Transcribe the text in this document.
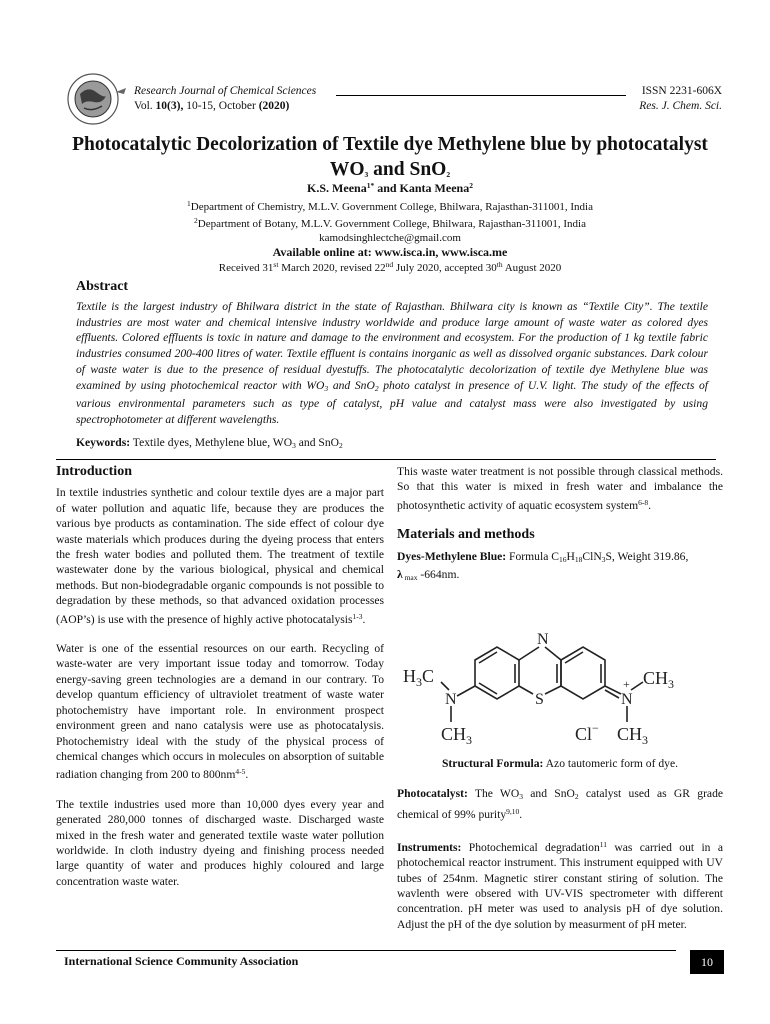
Research Journal of Chemical Sciences
Vol. 10(3), 10-15, October (2020)
ISSN 2231-606X
Res. J. Chem. Sci.
Photocatalytic Decolorization of Textile dye Methylene blue by photocatalyst
$WO_3$ and SnO$_2$
K.S. Meena$^{1*}$ and Kanta Meena$^2$
$^1$Department of Chemistry, M.L.V. Government College, Bhilwara, Rajasthan-311001, India
$^2$Department of Botany, M.L.V. Government College, Bhilwara, Rajasthan-311001, India
kamodsinghlectche@gmail.com
Available online at: www.isca.in, www.isca.me
Received 31st March 2020, revised 22nd July 2020, accepted 30th August 2020
Abstract
Textile is the largest industry of Bhilwara district in the state of Rajasthan. Bhilwara city is known as “Textile City”. The textile industries are most water and chemical intensive industry worldwide and produce large amount of waste water as colored dyes effluents. Colored effluents is toxic in nature and damage to the environment and ecosystem. For the production of 1 kg textile fabric industries consumed 200-400 litres of water. Textile effluent is contains inorganic as well as dissolved organic substances. Dark colour of waste water is due to the presence of residual dyestuffs. The photocatalytic decolorization of textile dye Methylene blue was examined by using photochemical reactor with $WO_3$ and SnO$_2$ photo catalyst in presence of U.V. light. The study of the effects of various environmental parameters such as type of catalyst, pH value and catalyst mass were also investigated by using spectrophotometer at different wavelengths.
Keywords: Textile dyes, Methylene blue, $WO_3$ and SnO$_2$
Introduction

In textile industries synthetic and colour textile dyes are a major part of water pollution and aquatic life, because they are produces the various bye products as contamination. The side effect of colour dye waste materials which produces during the dyeing process that enters the fresh water bodies and polluted them. The treatment of textile wastewater done by the various biological, physical and chemical methods. But non-biodegradable organic compounds is not possible to degradation by these methods, so that advanced oxidation processes (AOP’s) is use with the presence of highly active photocatalysis$^{1-3}$.

Water is one of the essential resources on our earth. Recycling of waste-water are very important issue today and tomorrow. Today energy-saving green technologies are a demand in our contrary. To develop quantum efficiency of ultraviolet treatment of waste water photochemistry have important role. In environment prospect environment green and nano catalysis were use as photocatalysis. Photochemistry ideal with the study of the physical process of chemical changes which occurs in molecules on absorption of suitable radiation changing from 200 to $800nm^{4-5}$.

The textile industries used more than 10,000 dyes every year and generated 280,000 tonnes of discharged waste. Discharged waste mixed in the fresh water and generated textile waste water pollution worldwide. In cloth industry dyeing and finishing process needed large quantity of water and produces highly coloured and large concentration waste water.

This waste water treatment is not possible through classical methods. So that this water is mixed in fresh water and imbalance the photosynthetic activity of aquatic ecosystem system$^{6-8}$.

Materials and methods

Dyes-Methylene Blue: Formula $C_{16}H_{18}ClN_3S$, Weight 319.86,
λ $_{max}$ -664nm.

N
S
$H_3C$
N
$CH_3$
N
+ $CH_3$
$CH_3$
Cl−
Structural Formula: Azo tautomeric form of dye.

Photocatalyst: The $WO_3$ and SnO$_2$ catalyst used as GR grade chemical of 99% purity$^{9,10}$.

Instruments: Photochemical degradation$^{11}$ was carried out in a photochemical reactor instrument. This instrument equipped with UV tubes of 254nm. Magnetic stirer constant stiring of solution. The wavlenth were obsered with UV-VIS spectrometer with different concentration. pH meter was used to analysis pH of dye solution. Adjust the pH of the dye solution by measurment of pH meter.

International Science Community Association	10
